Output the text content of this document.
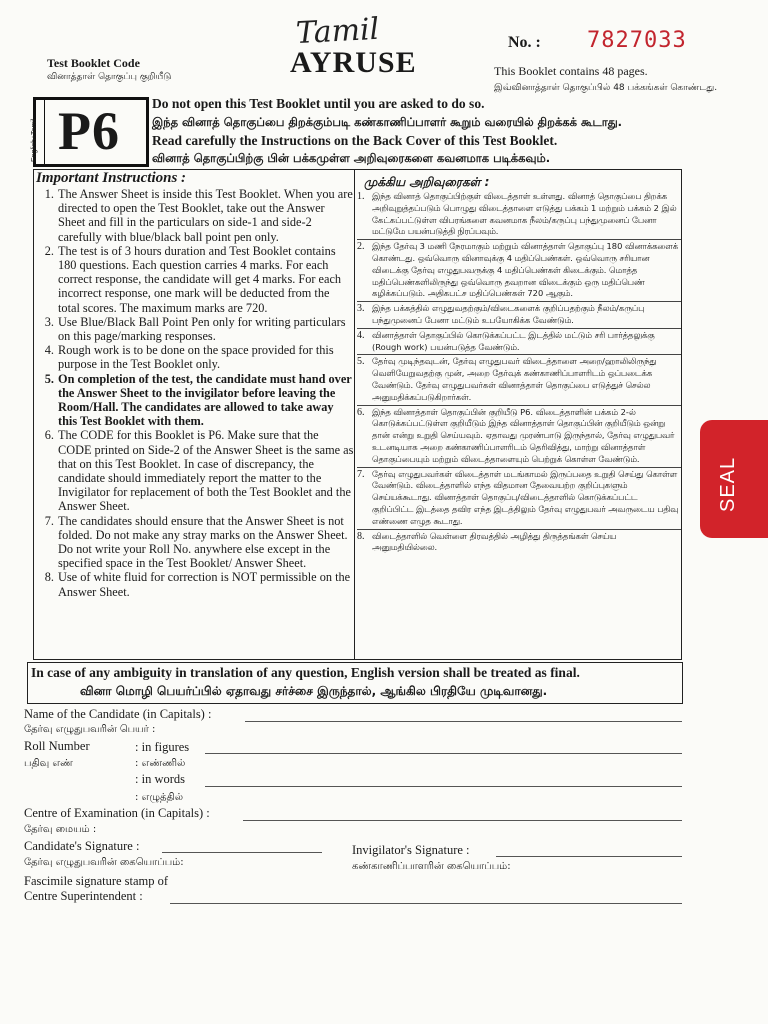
Tamil
AYRUSE
Test Booklet Code
வினாத்தாள் தொகுப்பு குறியீடு
No. : 7827033
This Booklet contains 48 pages.
இவ்வினாத்தாள் தொகுப்பில் 48 பக்கங்கள் கொண்டது.
English+Tamil P6 Do not open this Test Booklet until you are asked to do so.
இந்த வினாத் தொகுப்பை திறக்கும்படி கண்காணிப்பாளர் கூறும் வரையில் திறக்கக் கூடாது.
Read carefully the Instructions on the Back Cover of this Test Booklet.
வினாத் தொகுப்பிற்கு பின் பக்கமுள்ள அறிவுரைகளை கவனமாக படிக்கவும்.
Important Instructions :	முக்கிய அறிவுரைகள் :
1. The Answer Sheet is inside this Test Booklet. When you are directed to open the Test Booklet, take out the Answer Sheet and fill in the particulars on side-1 and side-2 carefully with blue/black ball point pen only.
2. The test is of 3 hours duration and Test Booklet contains 180 questions. Each question carries 4 marks. For each correct response, the candidate will get 4 marks. For each incorrect response, one mark will be deducted from the total scores. The maximum marks are 720.
3. Use Blue/Black Ball Point Pen only for writing particulars on this page/marking responses.
4. Rough work is to be done on the space provided for this purpose in the Test Booklet only.
5. On completion of the test, the candidate must hand over the Answer Sheet to the invigilator before leaving the Room/Hall. The candidates are allowed to take away this Test Booklet with them.
6. The CODE for this Booklet is P6. Make sure that the CODE printed on Side-2 of the Answer Sheet is the same as that on this Test Booklet. In case of discrepancy, the candidate should immediately report the matter to the Invigilator for replacement of both the Test Booklet and the Answer Sheet.
7. The candidates should ensure that the Answer Sheet is not folded. Do not make any stray marks on the Answer Sheet. Do not write your Roll No. anywhere else except in the specified space in the Test Booklet/ Answer Sheet.
8. Use of white fluid for correction is NOT permissible on the Answer Sheet.
1. இந்த வினாத் தொகுப்பிற்குள் விடைத்தாள் உள்ளது. வினாத் தொகுப்பை திறக்க அறிவுறுத்தப்படும் பொழுது விடைத்தாளை எடுத்து பக்கம் 1 மற்றும் பக்கம் 2 இல் கேட்கப்பட்டுள்ள விபரங்களை கவனமாக நீலம்/கருப்பு பந்துமுனைப் பேனா மட்டுமே பயன்படுத்தி நிரப்பவும்.
2. இந்த தேர்வு 3 மணி நேரமாகும் மற்றும் வினாத்தாள் தொகுப்பு 180 வினாக்களைக் கொண்டது. ஒவ்வொரு வினாவுக்கு 4 மதிப்பெண்கள். ஒவ்வொரு சரியான விடைக்கு தேர்வு எழுதுபவருக்கு 4 மதிப்பெண்கள் கிடைக்கும். மொத்த மதிப்பெண்களிலிருந்து ஒவ்வொரு தவறான விடைக்கும் ஒரு மதிப்பெண் கழிக்கப்படும். அதிகபட்ச மதிப்பெண்கள் 720 ஆகும்.
3. இந்த பக்கத்தில் எழுதுவதற்கும்/விடைகளைக் குறிப்பதற்கும் நீலம்/கருப்பு பந்துமுனைப் பேனா மட்டும் உபயோகிக்க வேண்டும்.
4. வினாத்தாள் தொகுப்பில் கொடுக்கப்பட்ட இடத்தில் மட்டும் சரி பார்த்தலுக்கு (Rough work) பயன்படுத்த வேண்டும்.
5. தேர்வு முடிந்தவுடன், தேர்வு எழுதுபவர் விடைத்தாளை அறை/ஹாலிலிருந்து வெளியேறுவதற்கு முன், அறை தேர்வுக் கண்காணிப்பாளரிடம் ஒப்படைக்க வேண்டும். தேர்வு எழுதுபவர்கள் வினாத்தாள் தொகுப்பை எடுத்துச் செல்ல அனுமதிக்கப்படுகிறார்கள்.
6. இந்த வினாத்தாள் தொகுப்பின் குறியீடு P6. விடைத்தாளின் பக்கம் 2-ல் கொடுக்கப்பட்டுள்ள குறியீடும் இந்த வினாத்தாள் தொகுப்பின் குறியீடும் ஒன்று தான் என்று உறுதி செய்யவும். ஏதாவது முரண்பாடு இருந்தால், தேர்வு எழுதுபவர் உடனடியாக அறை கண்காணிப்பாளரிடம் தெரிவித்து, மாற்று வினாத்தாள் தொகுப்பையும் மற்றும் விடைத்தாளையும் பெற்றுக் கொள்ள வேண்டும்.
7. தேர்வு எழுதுபவர்கள் விடைத்தாள் மடங்காமல் இருப்பதை உறுதி செய்து கொள்ள வேண்டும். விடைத்தாளில் எந்த விதமான தேவையற்ற குறிப்புகளும் செய்யக்கூடாது. வினாத்தாள் தொகுப்பு/விடைத்தாளில் கொடுக்கப்பட்ட குறிப்பிட்ட இடத்தை தவிர எந்த இடத்திலும் தேர்வு எழுதுபவர் அவருடைய பதிவு எண்ணை எழுத கூடாது.
8. விடைத்தாளில் வெள்ளை திரவத்தில் அழித்து திருத்தங்கள் செய்ய அனுமதியில்லை.
In case of any ambiguity in translation of any question, English version shall be treated as final.
வினா மொழி பெயர்ப்பில் ஏதாவது சர்ச்சை இருந்தால், ஆங்கில பிரதியே முடிவானது.
Name of the Candidate (in Capitals) :
தேர்வு எழுதுபவரின் பெயர் :
Roll Number	: in figures
பதிவு எண்	: எண்ணில்
: in words
: எழுத்தில்
Centre of Examination (in Capitals) :
தேர்வு மையம் :
Candidate's Signature :
தேர்வு எழுதுபவரின் கையொப்பம்:
Invigilator's Signature :
கண்காணிப்பாளரின் கையொப்பம்:
Fascimile signature stamp of
Centre Superintendent :
SEAL
